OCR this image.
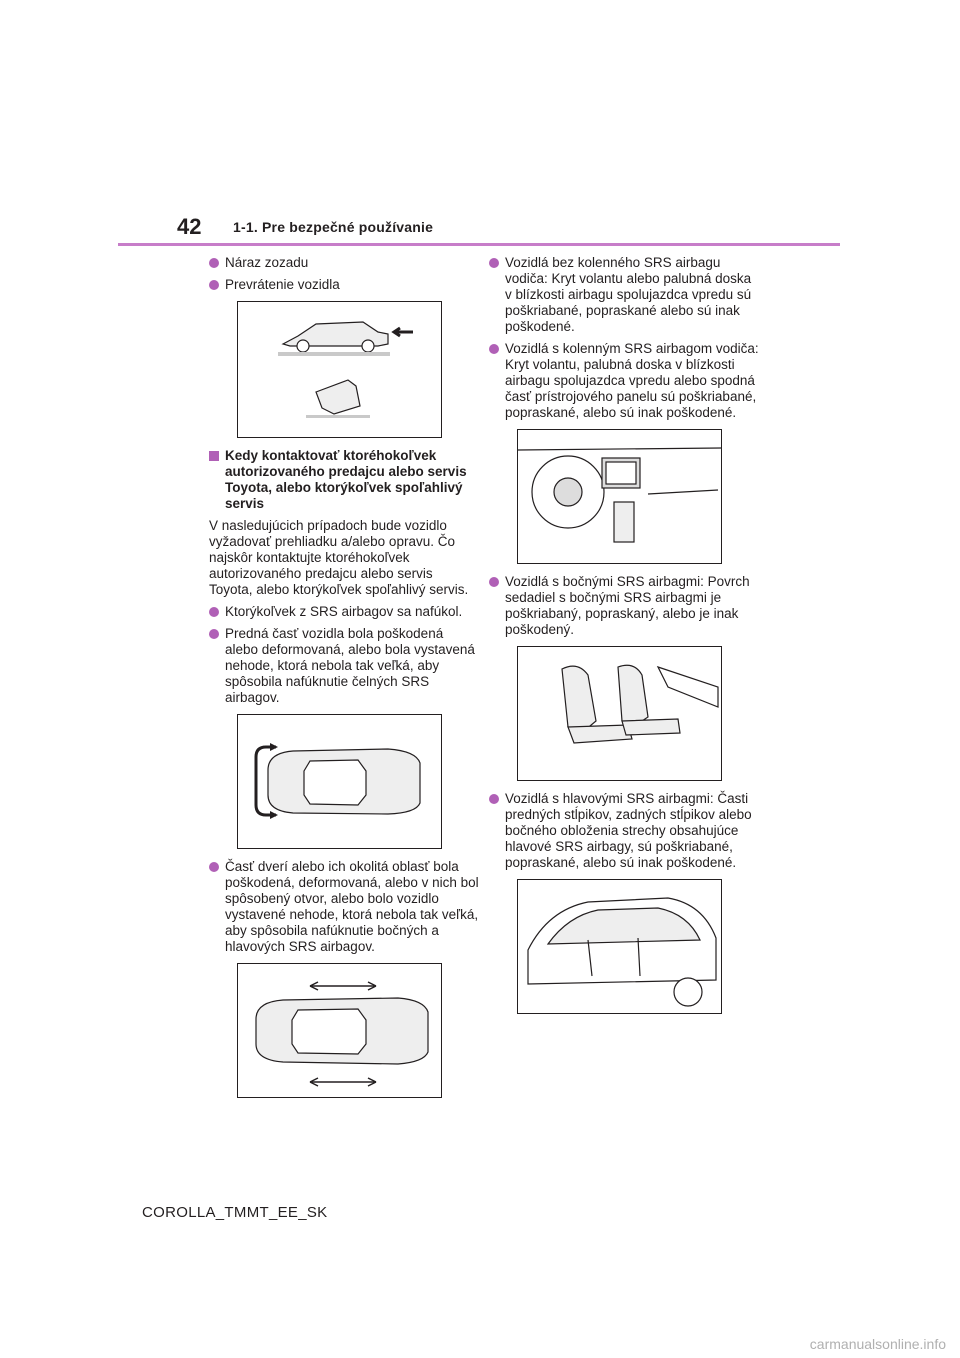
42 1-1. Pre bezpečné používanie
Náraz zozadu
Prevrátenie vozidla
Kedy kontaktovať ktoréhokoľvek autorizovaného predajcu alebo servis Toyota, alebo ktorýkoľvek spoľahlivý servis
V nasledujúcich prípadoch bude vozidlo vyžadovať prehliadku a/alebo opravu. Čo najskôr kontaktujte ktoréhokoľvek autorizovaného predajcu alebo servis Toyota, alebo ktorýkoľvek spoľahlivý servis.
Ktorýkoľvek z SRS airbagov sa nafúkol.
Predná časť vozidla bola poškodená alebo deformovaná, alebo bola vystavená nehode, ktorá nebola tak veľká, aby spôsobila nafúknutie čelných SRS airbagov.
Časť dverí alebo ich okolitá oblasť bola poškodená, deformovaná, alebo v nich bol spôsobený otvor, alebo bolo vozidlo vystavené nehode, ktorá nebola tak veľká, aby spôsobila nafúknutie bočných a hlavových SRS airbagov.
Vozidlá bez kolenného SRS airbagu vodiča: Kryt volantu alebo palubná doska v blízkosti airbagu spolujazdca vpredu sú poškriabané, popraskané alebo sú inak poškodené.
Vozidlá s kolenným SRS airbagom vodiča: Kryt volantu, palubná doska v blízkosti airbagu spolujazdca vpredu alebo spodná časť prístrojového panelu sú poškriabané, popraskané, alebo sú inak poškodené.
Vozidlá s bočnými SRS airbagmi: Povrch sedadiel s bočnými SRS airbagmi je poškriabaný, popraskaný, alebo je inak poškodený.
Vozidlá s hlavovými SRS airbagmi: Časti predných stĺpikov, zadných stĺpikov alebo bočného obloženia strechy obsahujúce hlavové SRS airbagy, sú poškriabané, popraskané, alebo sú inak poškodené.
COROLLA_TMMT_EE_SK
carmanualsonline.info
